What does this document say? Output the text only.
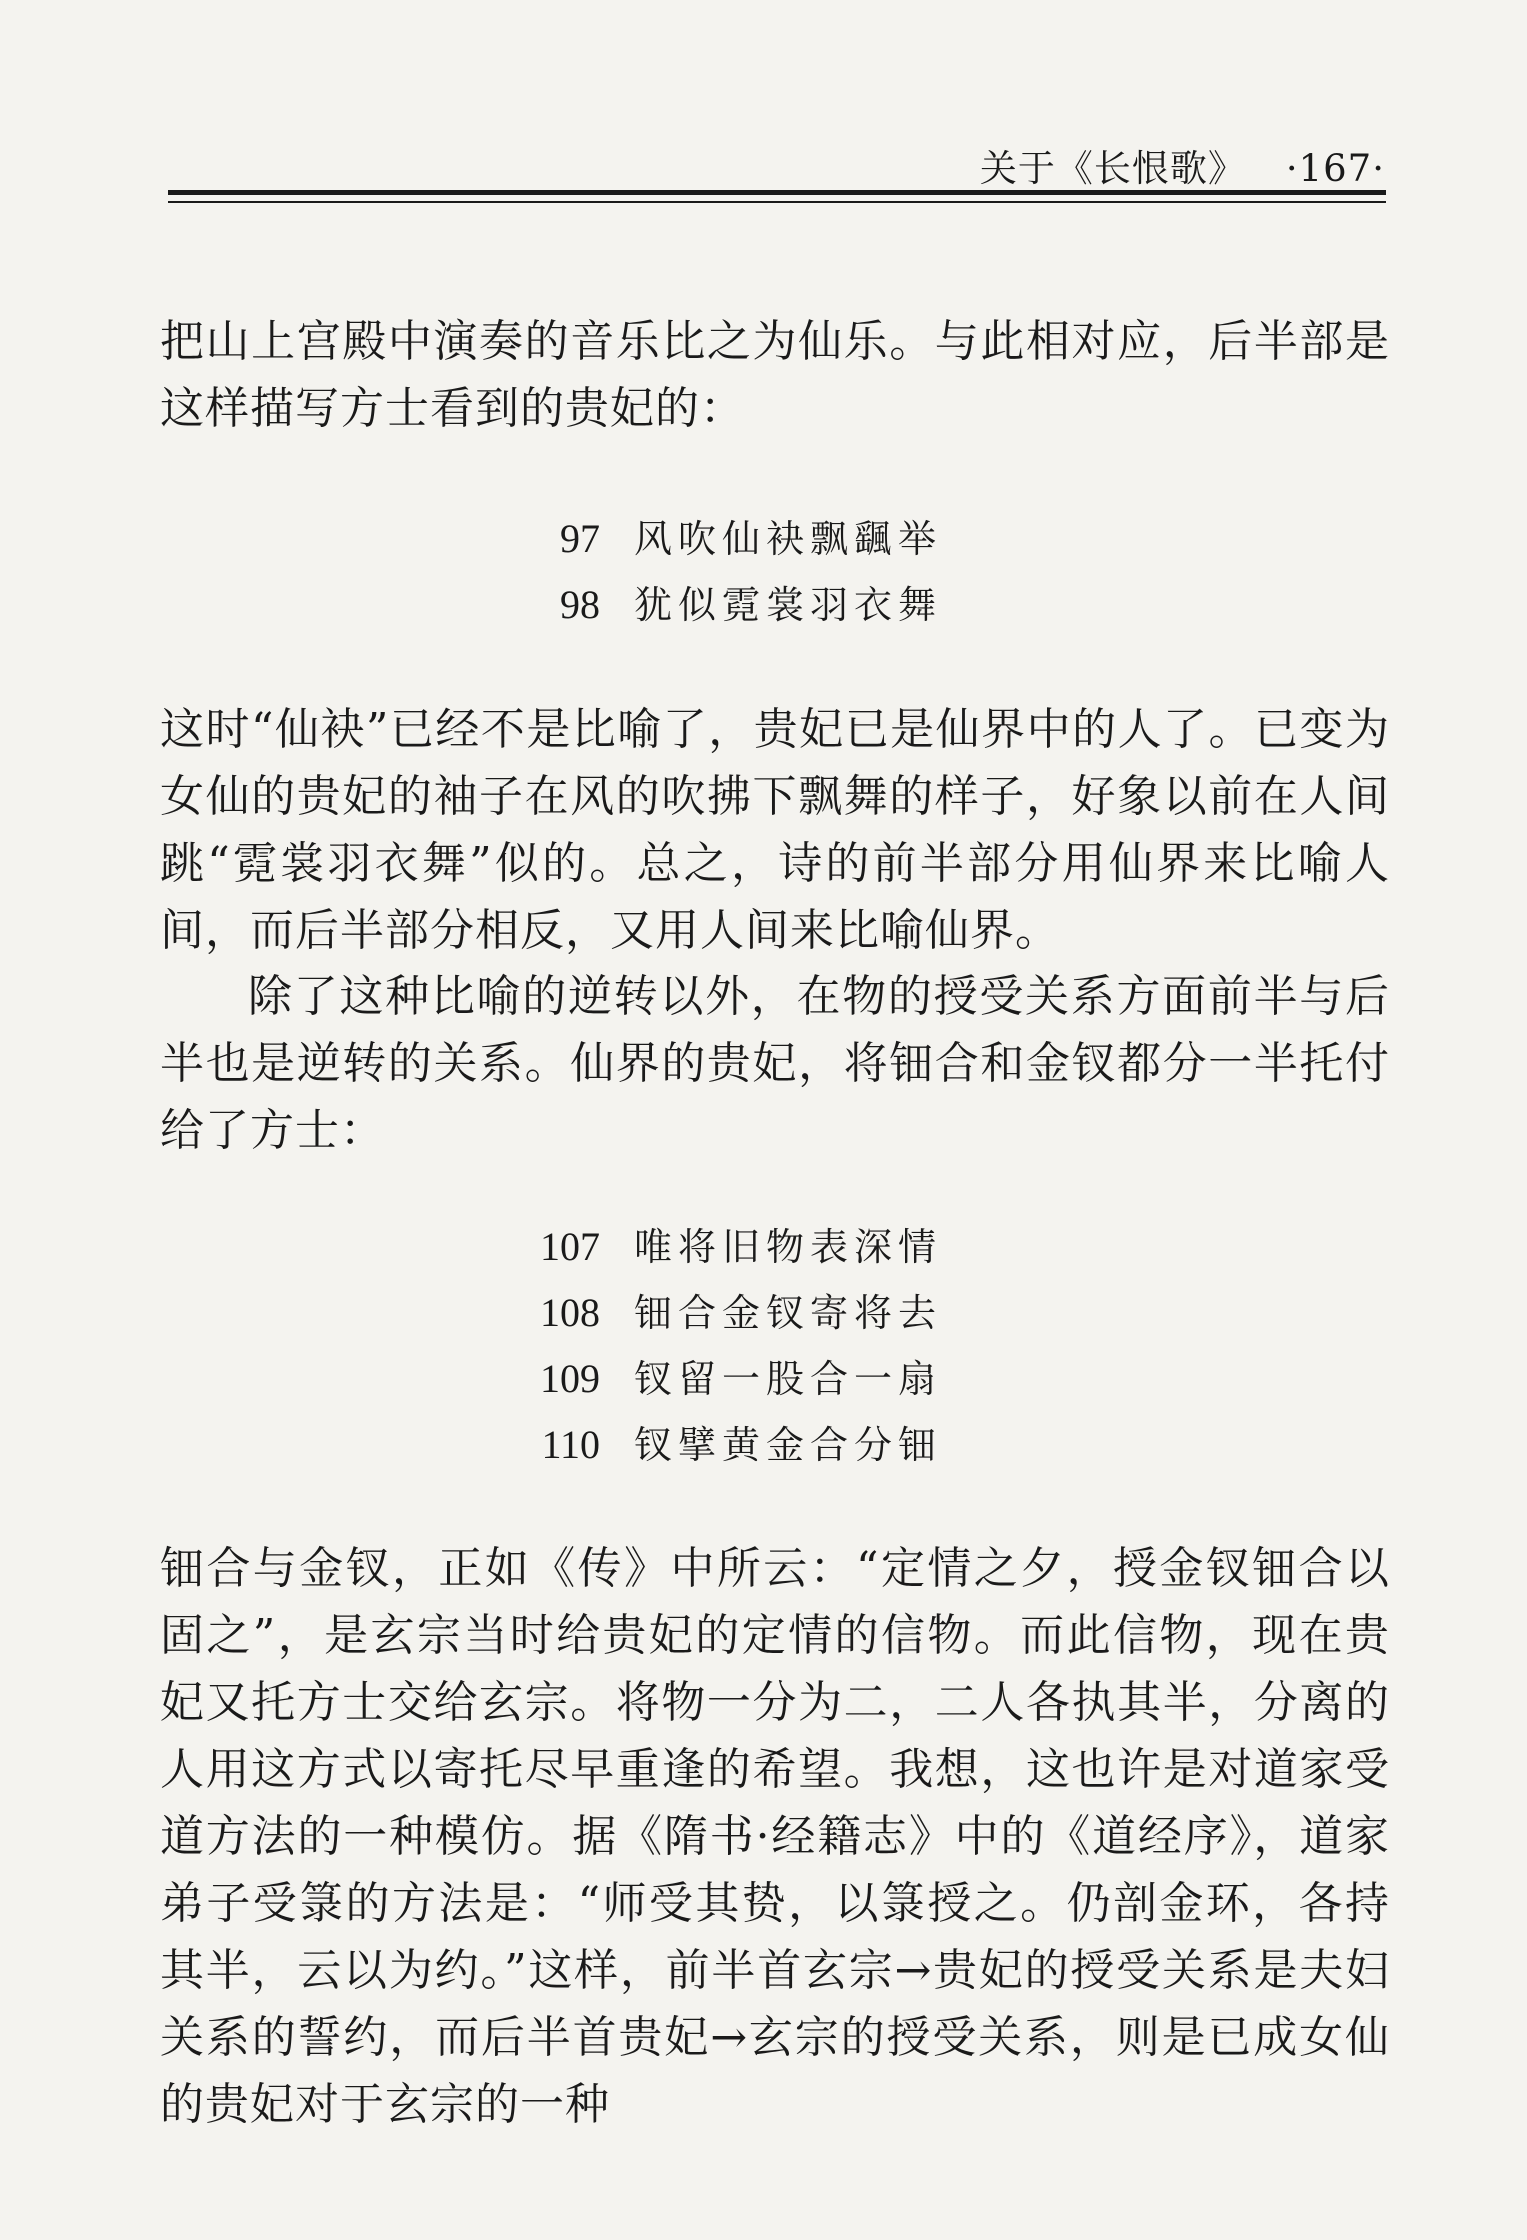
关于《长恨歌》 ·167·
把山上宫殿中演奏的音乐比之为仙乐。与此相对应，后半部是这样描写方士看到的贵妃的：
97 风吹仙袂飘颻举
98 犹似霓裳羽衣舞
这时“仙袂”已经不是比喻了，贵妃已是仙界中的人了。已变为女仙的贵妃的袖子在风的吹拂下飘舞的样子，好象以前在人间跳“霓裳羽衣舞”似的。总之，诗的前半部分用仙界来比喻人间，而后半部分相反，又用人间来比喻仙界。
除了这种比喻的逆转以外，在物的授受关系方面前半与后半也是逆转的关系。仙界的贵妃，将钿合和金钗都分一半托付给了方士：
107 唯将旧物表深情
108 钿合金钗寄将去
109 钗留一股合一扇
110 钗擘黄金合分钿
钿合与金钗，正如《传》中所云：“定情之夕，授金钗钿合以固之”，是玄宗当时给贵妃的定情的信物。而此信物，现在贵妃又托方士交给玄宗。将物一分为二，二人各执其半，分离的人用这方式以寄托尽早重逢的希望。我想，这也许是对道家受道方法的一种模仿。据《隋书·经籍志》中的《道经序》，道家弟子受箓的方法是：“师受其贽，以箓授之。仍剖金环，各持其半，云以为约。”这样，前半首玄宗→贵妃的授受关系是夫妇关系的誓约，而后半首贵妃→玄宗的授受关系，则是已成女仙的贵妃对于玄宗的一种
